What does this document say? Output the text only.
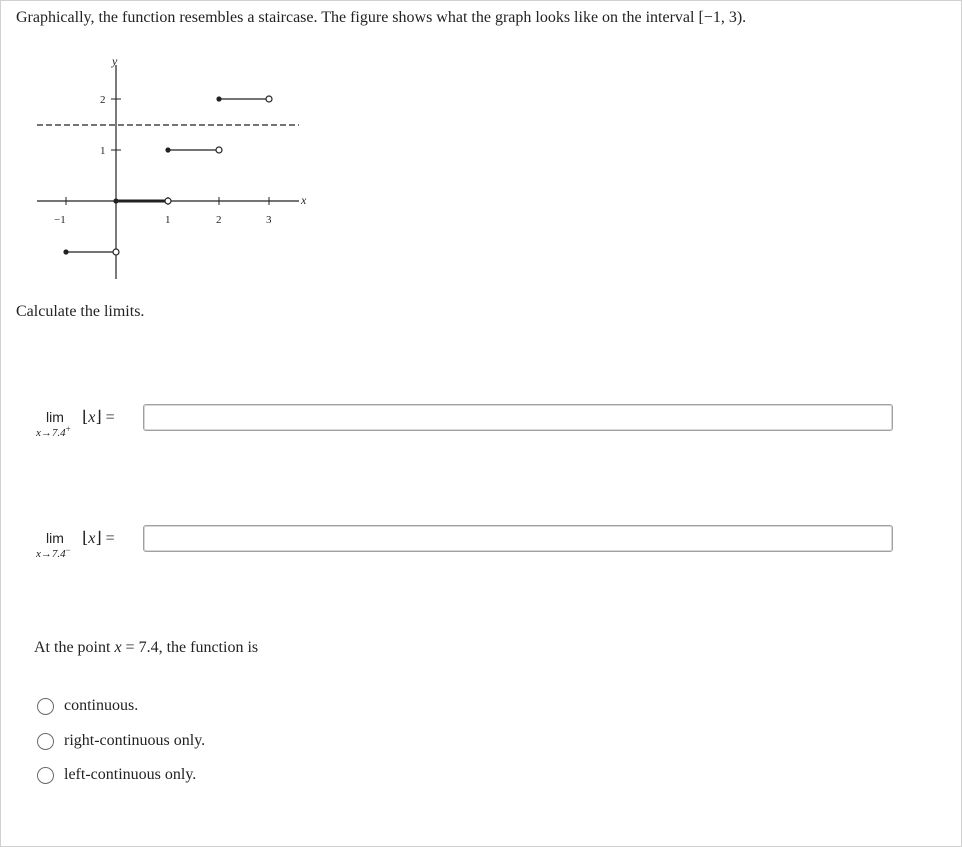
Graphically, the function resembles a staircase. The figure shows what the graph looks like on the interval [−1, 3).
−1	1	2	3
1
2
x
y
Calculate the limits.
lim
x→7.4+
⌊x⌋ =
lim
x→7.4−
⌊x⌋ =
At the point x = 7.4, the function is
continuous.
right-continuous only.
left-continuous only.
